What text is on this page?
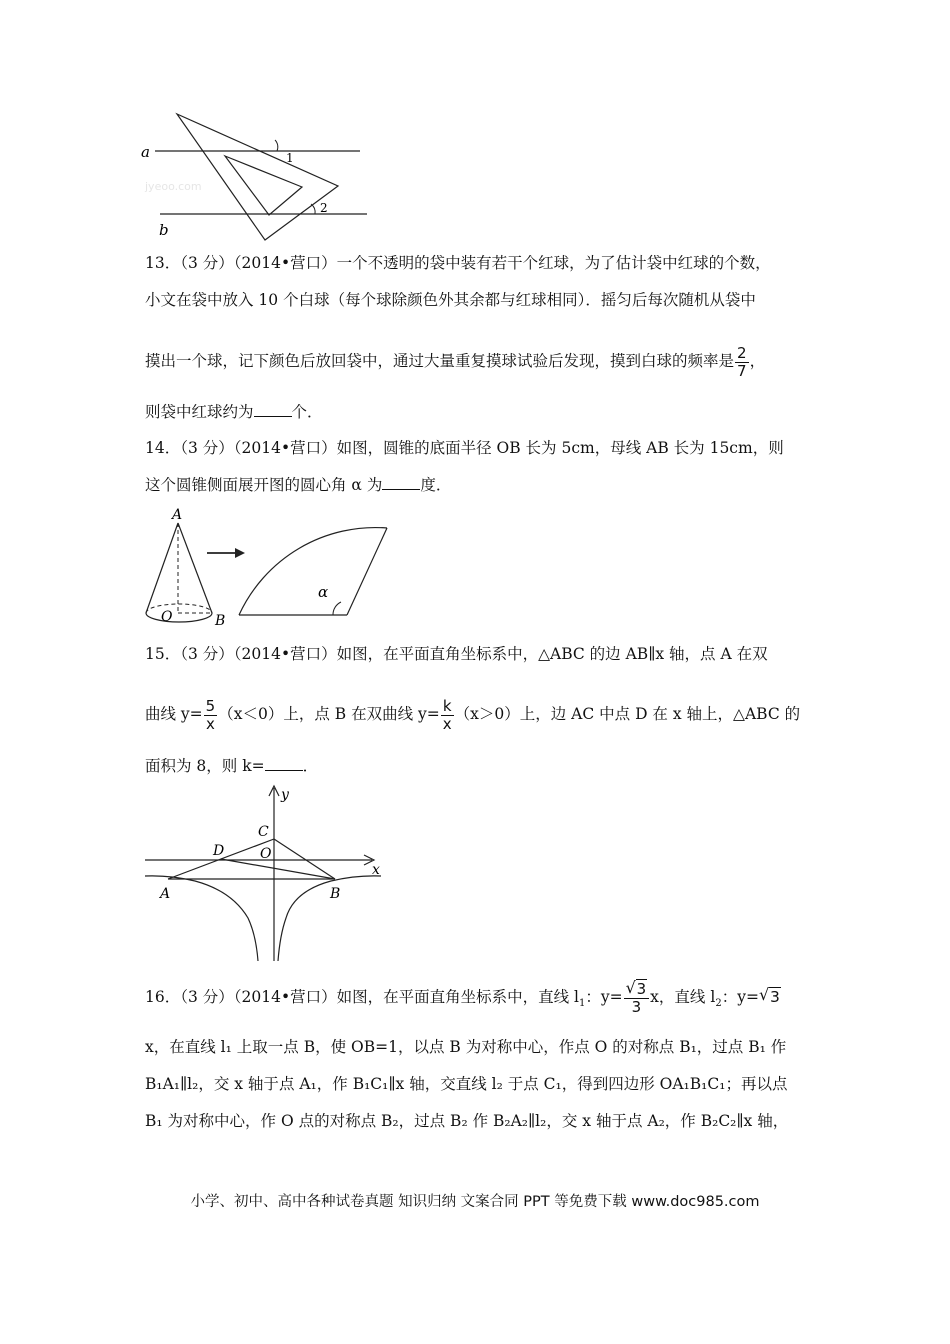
a
b
1
2
jyeoo.com
13．（3 分）（2014•营口）一个不透明的袋中装有若干个红球，为了估计袋中红球的个数，
小文在袋中放入 10 个白球（每个球除颜色外其余都与红球相同）．摇匀后每次随机从袋中
摸出一个球，记下颜色后放回袋中，通过大量重复摸球试验后发现，摸到白球的频率是 $\frac{2}{7}$ ，
则袋中红球约为 个．
14．（3 分）（2014•营口）如图，圆锥的底面半径 OB 长为 5cm，母线 AB 长为 15cm，则
这个圆锥侧面展开图的圆心角 α 为 度．
A
O	B
α
15．（3 分）（2014•营口）如图，在平面直角坐标系中，△ABC 的边 AB∥x 轴，点 A 在双
曲线 $y= \frac{5}{x} (x<0)$上，点 B 在双曲线 $y= \frac{k}{x} (x>0)$上，边 AC 中点 D 在 x 轴上，△ABC 的
面积为 8，则 k= ．
x
y
C
D	O
A	B
16．（3 分）（2014•营口）如图，在平面直角坐标系中，直线 $l_1$：y= √ $\frac{3}{3}$ x，直线 $l_2$：y= √ 3
x，在直线 l₁ 上取一点 B，使 OB=1，以点 B 为对称中心，作点 O 的对称点 B₁，过点 B₁ 作
B₁A₁∥l₂，交 x 轴于点 A₁，作 B₁C₁∥x 轴，交直线 l₂ 于点 C₁，得到四边形 OA₁B₁C₁；再以点
B₁ 为对称中心，作 O 点的对称点 B₂，过点 B₂ 作 B₂A₂∥l₂，交 x 轴于点 A₂，作 B₂C₂∥x 轴，
小学、初中、高中各种试卷真题 知识归纳 文案合同 PPT 等免费下载 www.doc985.com
